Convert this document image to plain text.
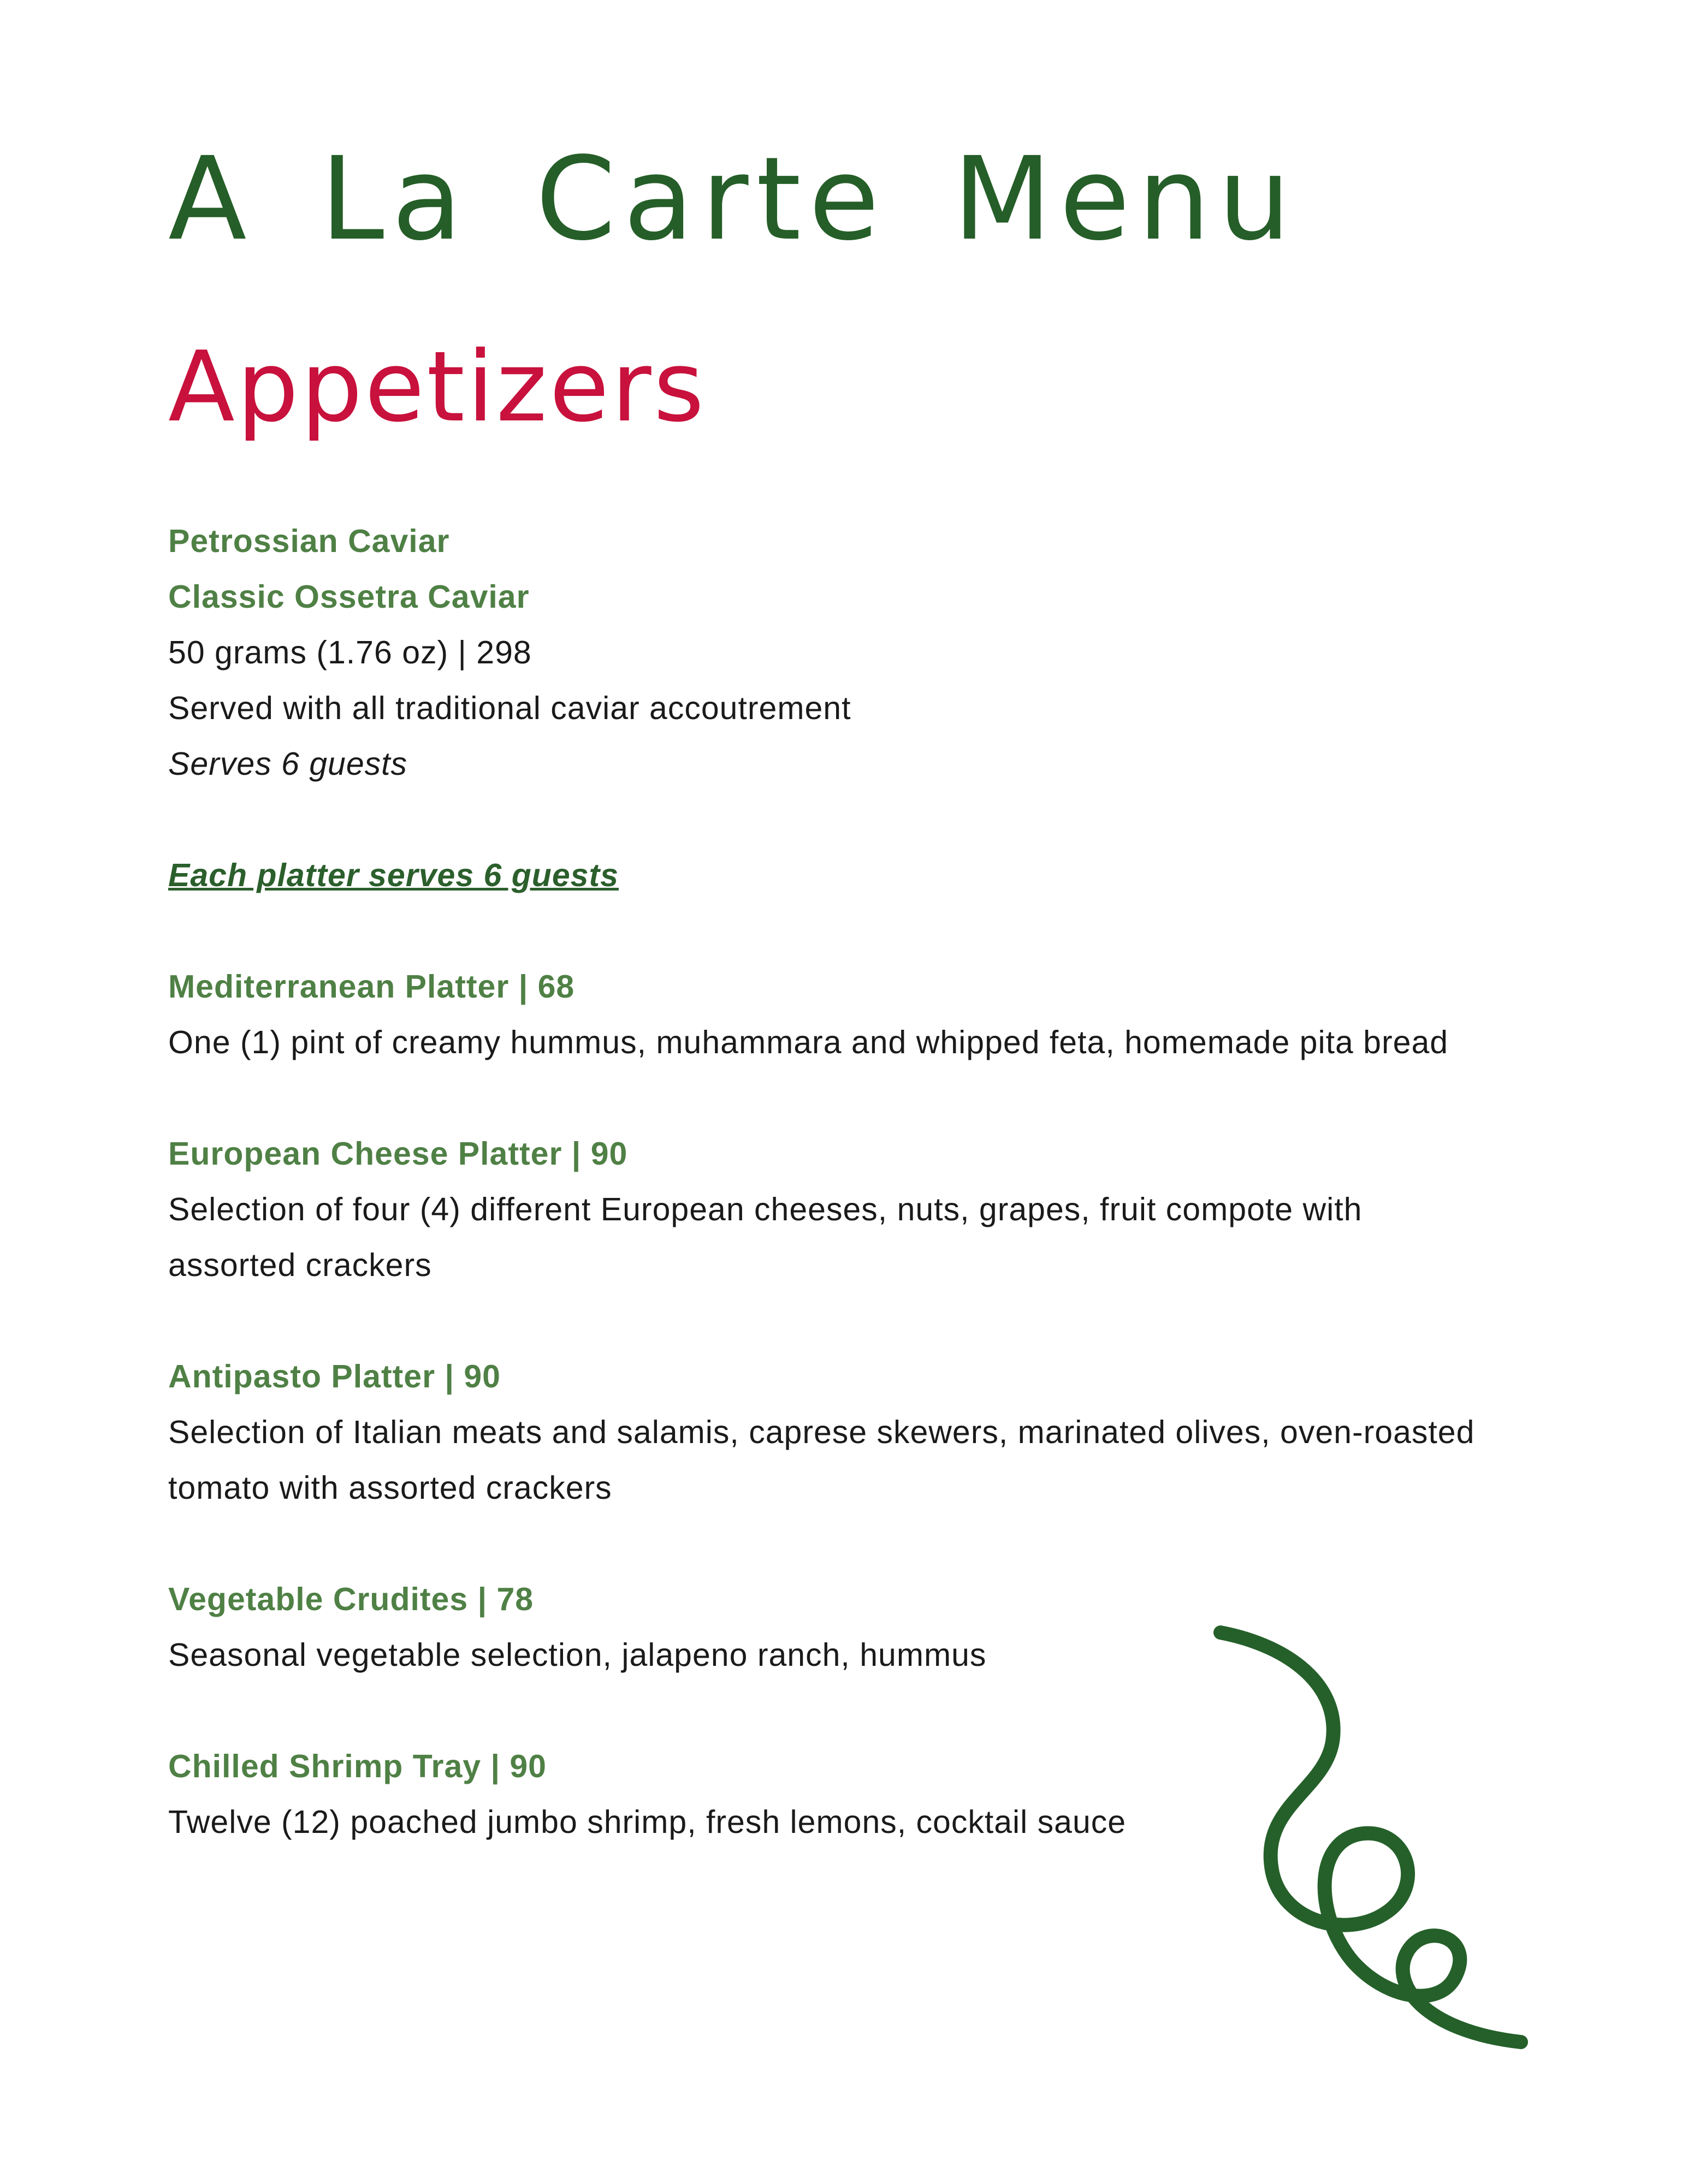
A La Carte Menu
Appetizers

Petrossian Caviar

Classic Ossetra Caviar

50 grams (1.76 oz) | 298

Served with all traditional caviar accoutrement

Serves 6 guests

Each platter serves 6 guests

Mediterranean Platter | 68

One (1) pint of creamy hummus, muhammara and whipped feta, homemade pita bread

European Cheese Platter | 90

Selection of four (4) different European cheeses, nuts, grapes, fruit compote with assorted crackers

Antipasto Platter | 90

Selection of Italian meats and salamis, caprese skewers, marinated olives, oven-roasted tomato with assorted crackers

Vegetable Crudites | 78

Seasonal vegetable selection, jalapeno ranch, hummus

Chilled Shrimp Tray | 90

Twelve (12) poached jumbo shrimp, fresh lemons, cocktail sauce
